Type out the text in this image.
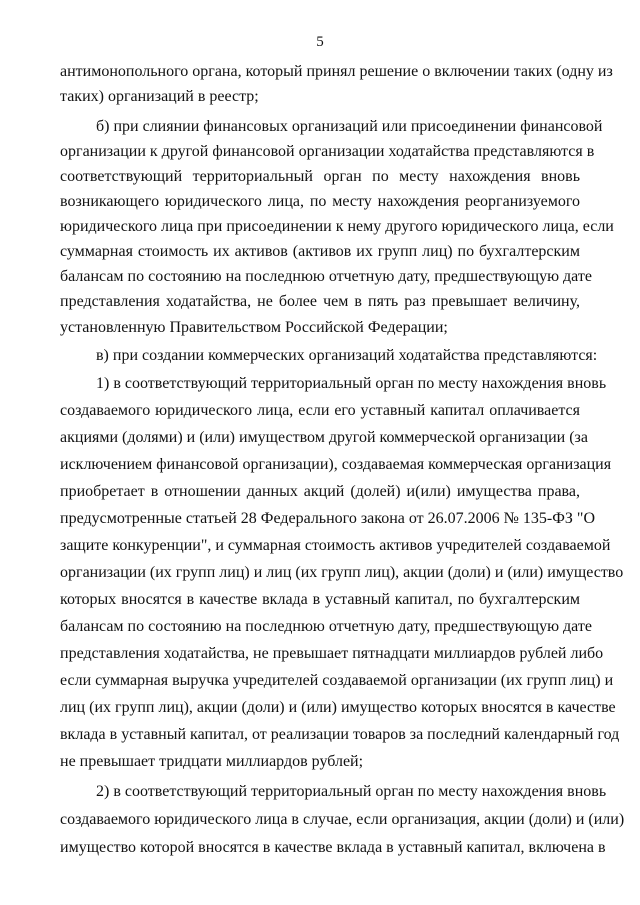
5
антимонопольного органа, который принял решение о включении таких (одну из
таких) организаций в реестр;
б) при слиянии финансовых организаций или присоединении финансовой
организации к другой финансовой организации ходатайства представляются в
соответствующий территориальный орган по месту нахождения вновь
возникающего юридического лица, по месту нахождения реорганизуемого
юридического лица при присоединении к нему другого юридического лица, если
суммарная стоимость их активов (активов их групп лиц) по бухгалтерским
балансам по состоянию на последнюю отчетную дату, предшествующую дате
представления ходатайства, не более чем в пять раз превышает величину,
установленную Правительством Российской Федерации;
в) при создании коммерческих организаций ходатайства представляются:
1) в соответствующий территориальный орган по месту нахождения вновь
создаваемого юридического лица, если его уставный капитал оплачивается
акциями (долями) и (или) имуществом другой коммерческой организации (за
исключением финансовой организации), создаваемая коммерческая организация
приобретает в отношении данных акций (долей) и(или) имущества права,
предусмотренные статьей 28 Федерального закона от 26.07.2006 № 135-ФЗ "О
защите конкуренции", и суммарная стоимость активов учредителей создаваемой
организации (их групп лиц) и лиц (их групп лиц), акции (доли) и (или) имущество
которых вносятся в качестве вклада в уставный капитал, по бухгалтерским
балансам по состоянию на последнюю отчетную дату, предшествующую дате
представления ходатайства, не превышает пятнадцати миллиардов рублей либо
если суммарная выручка учредителей создаваемой организации (их групп лиц) и
лиц (их групп лиц), акции (доли) и (или) имущество которых вносятся в качестве
вклада в уставный капитал, от реализации товаров за последний календарный год
не превышает тридцати миллиардов рублей;
2) в соответствующий территориальный орган по месту нахождения вновь
создаваемого юридического лица в случае, если организация, акции (доли) и (или)
имущество которой вносятся в качестве вклада в уставный капитал, включена в
